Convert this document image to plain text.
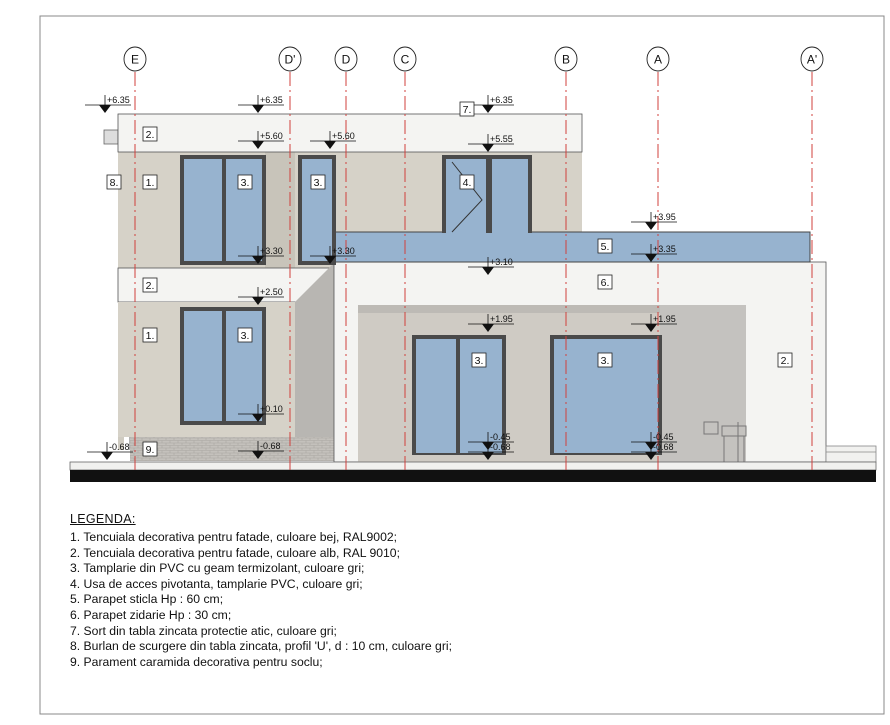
E	D'	D	C	B	A	A'
+6.35	+6.35	+6.35
+5.60	+5.60	+5.55
+3.95
+3.35
+3.30	+3.30
+3.10
+2.50
+1.95	+1.95
+0.10
-0.68	-0.68
-0.45
-0.68
-0.45
-0.68
2.
8.	1.	3.	3.	4.
7.
5.
2.	6.
1.	3.
3.	3.	2.
9.
LEGENDA:
1. Tencuiala decorativa pentru fatade, culoare bej, RAL9002;
2. Tencuiala decorativa pentru fatade, culoare alb, RAL 9010;
3. Tamplarie din PVC cu geam termizolant, culoare gri;
4. Usa de acces pivotanta, tamplarie PVC, culoare gri;
5. Parapet sticla Hp : 60 cm;
6. Parapet zidarie Hp : 30 cm;
7. Sort din tabla zincata protectie atic, culoare gri;
8. Burlan de scurgere din tabla zincata, profil 'U', d : 10 cm, culoare gri;
9. Parament caramida decorativa pentru soclu;
